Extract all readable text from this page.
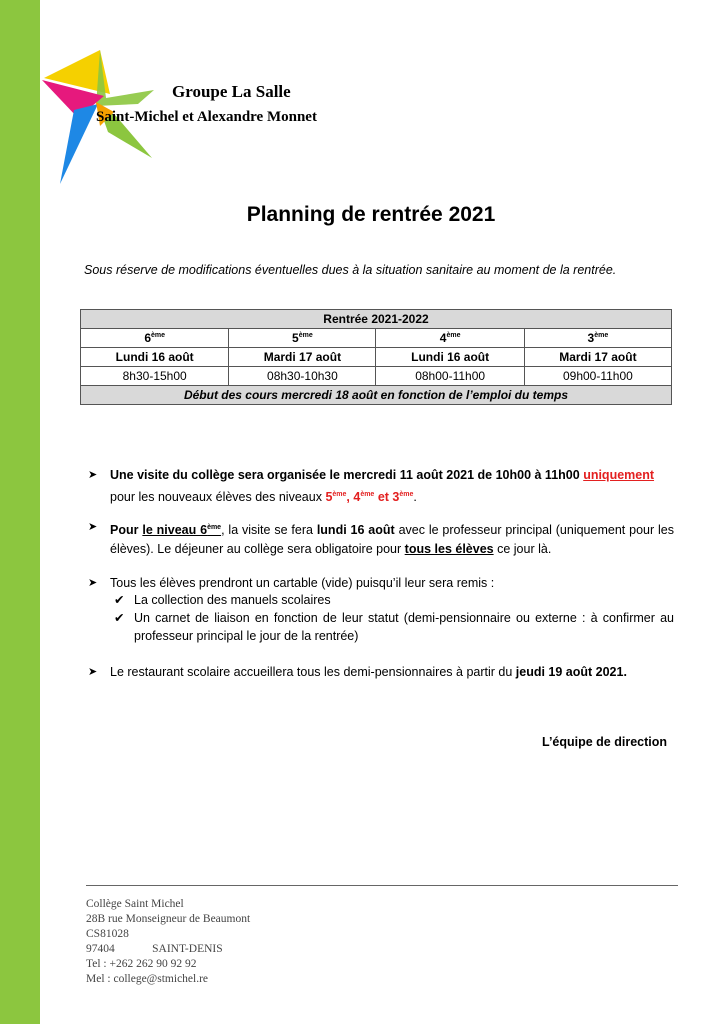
Groupe La Salle
Saint-Michel et Alexandre Monnet
Planning de rentrée 2021
Sous réserve de modifications éventuelles dues à la situation sanitaire au moment de la rentrée.
Rentrée 2021-2022			
6ème	5ème	4ème	3ème
Lundi 16 août	Mardi 17 août	Lundi 16 août	Mardi 17 août
8h30-15h00	08h30-10h30	08h00-11h00	09h00-11h00
Début des cours mercredi 18 août en fonction de l’emploi du temps			
➤ Une visite du collège sera organisée le mercredi 11 août 2021 de 10h00 à 11h00 uniquement
pour les nouveaux élèves des niveaux 5ème, 4ème et 3ème.
➤ Pour le niveau 6ème, la visite se fera lundi 16 août avec le professeur principal (uniquement pour les élèves). Le déjeuner au collège sera obligatoire pour tous les élèves ce jour là.
➤ Tous les élèves prendront un cartable (vide) puisqu’il leur sera remis :
✔ La collection des manuels scolaires
✔ Un carnet de liaison en fonction de leur statut (demi-pensionnaire ou externe : à confirmer au professeur principal le jour de la rentrée)
➤ Le restaurant scolaire accueillera tous les demi-pensionnaires à partir du jeudi 19 août 2021.
L’équipe de direction
Collège Saint Michel
28B rue Monseigneur de Beaumont
CS81028
97404             SAINT-DENIS
Tel : +262 262 90 92 92
Mel : college@stmichel.re
